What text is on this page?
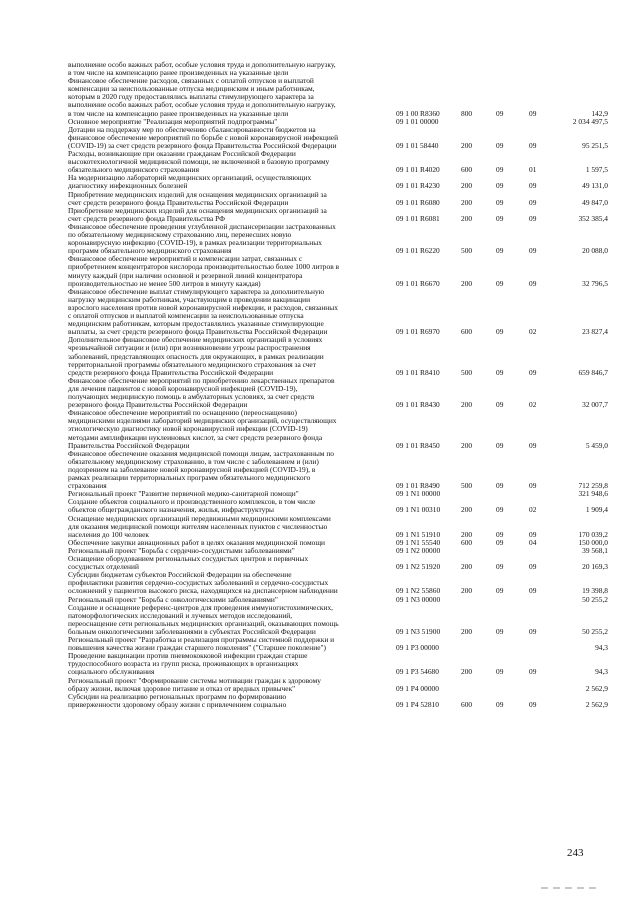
выполнение особо важных работ, особые условия труда и дополнительную нагрузку,
в том числе на компенсацию ранее произведенных на указанные цели
Финансовое обеспечение расходов, связанных с оплатой отпусков и выплатой
компенсации за неиспользованные отпуска медицинским и иным работникам,
которым в 2020 году предоставлялись выплаты стимулирующего характера за
выполнение особо важных работ, особые условия труда и дополнительную нагрузку,
в том числе на компенсацию ранее произведенных на указанные цели	09 1 00 R8360	800	09	09	142,9
Основное мероприятие "Реализация мероприятий подпрограммы"	09 1 01 00000	2 034 497,5
Дотации на поддержку мер по обеспечению сбалансированности бюджетов на
финансовое обеспечение мероприятий по борьбе с новой коронавирусной инфекцией
(COVID-19) за счет средств резервного фонда Правительства Российской Федерации	09 1 01 58440	200	09	09	95 251,5
Расходы, возникающие при оказании гражданам Российской Федерации
высокотехнологичной медицинской помощи, не включенной в базовую программу
обязательного медицинского страхования	09 1 01 R4020	600	09	01	1 597,5
На модернизацию лабораторий медицинских организаций, осуществляющих
диагностику инфекционных болезней	09 1 01 R4230	200	09	09	49 131,0
Приобретение медицинских изделий для оснащения медицинских организаций за
счет средств резервного фонда Правительства Российской Федерации	09 1 01 R6080	200	09	09	49 847,0
Приобретение медицинских изделий для оснащения медицинских организаций за
счет средств резервного фонда Правительства РФ	09 1 01 R6081	200	09	09	352 385,4
Финансовое обеспечение проведения углубленной диспансеризации застрахованных
по обязательному медицинскому страхованию лиц, перенесших новую
коронавирусную инфекцию (COVID-19), в рамках реализации территориальных
программ обязательного медицинского страхования	09 1 01 R6220	500	09	09	20 088,0
Финансовое обеспечение мероприятий и компенсации затрат, связанных с
приобретением концентраторов кислорода производительностью более 1000 литров в
минуту каждый (при наличии основной и резервной линий концентратора
производительностью не менее 500 литров в минуту каждая)	09 1 01 R6670	200	09	09	32 796,5
Финансовое обеспечение выплат стимулирующего характера за дополнительную
нагрузку медицинским работникам, участвующим в проведении вакцинации
взрослого населения против новой коронавирусной инфекции, и расходов, связанных
с оплатой отпусков и выплатой компенсации за неиспользованные отпуска
медицинским работникам, которым предоставлялись указанные стимулирующие
выплаты, за счет средств резервного фонда Правительства Российской Федерации	09 1 01 R6970	600	09	02	23 827,4
Дополнительное финансовое обеспечение медицинских организаций в условиях
чрезвычайной ситуации и (или) при возникновении угрозы распространения
заболеваний, представляющих опасность для окружающих, в рамках реализации
территориальной программы обязательного медицинского страхования за счет
средств резервного фонда Правительства Российской Федерации	09 1 01 R8410	500	09	09	659 846,7
Финансовое обеспечение мероприятий по приобретению лекарственных препаратов
для лечения пациентов с новой коронавирусной инфекцией (COVID-19),
получающих медицинскую помощь в амбулаторных условиях, за счет средств
резервного фонда Правительства Российской Федерации	09 1 01 R8430	200	09	02	32 007,7
Финансовое обеспечение мероприятий по оснащению (переоснащению)
медицинскими изделиями лабораторий медицинских организаций, осуществляющих
этиологическую диагностику новой коронавирусной инфекции (COVID-19)
методами амплификации нуклеиновых кислот, за счет средств резервного фонда
Правительства Российской Федерации	09 1 01 R8450	200	09	09	5 459,0
Финансовое обеспечение оказания медицинской помощи лицам, застрахованным по
обязательному медицинскому страхованию, в том числе с заболеванием и (или)
подозрением на заболевание новой коронавирусной инфекцией (COVID-19), в
рамках реализации территориальных программ обязательного медицинского
страхования	09 1 01 R8490	500	09	09	712 259,8
Региональный проект "Развитие первичной медико-санитарной помощи"	09 1 N1 00000	321 948,6
Создание объектов социального и производственного комплексов, в том числе
объектов общегражданского назначения, жилья, инфраструктуры	09 1 N1 00310	200	09	02	1 909,4
Оснащение медицинских организаций передвижными медицинскими комплексами
для оказания медицинской помощи жителям населенных пунктов с численностью
населения до 100 человек	09 1 N1 51910	200	09	09	170 039,2
Обеспечение закупки авиационных работ в целях оказания медицинской помощи	09 1 N1 55540	600	09	04	150 000,0
Региональный проект "Борьба с сердечно-сосудистыми заболеваниями"	09 1 N2 00000	39 568,1
Оснащение оборудованием региональных сосудистых центров и первичных
сосудистых отделений	09 1 N2 51920	200	09	09	20 169,3
Субсидии бюджетам субъектов Российской Федерации на обеспечение
профилактики развития сердечно-сосудистых заболеваний и сердечно-сосудистых
осложнений у пациентов высокого риска, находящихся на диспансерном наблюдении	09 1 N2 55860	200	09	09	19 398,8
Региональный проект "Борьба с онкологическими заболеваниями"	09 1 N3 00000	50 255,2
Создание и оснащение референс-центров для проведения иммуногистохимических,
патоморфологических исследований и лучевых методов исследований,
переоснащение сети региональных медицинских организаций, оказывающих помощь
больным онкологическими заболеваниями в субъектах Российской Федерации	09 1 N3 51900	200	09	09	50 255,2
Региональный проект "Разработка и реализация программы системной поддержки и
повышения качества жизни граждан старшего поколения" ("Старшее поколение")	09 1 P3 00000	94,3
Проведение вакцинации против пневмококковой инфекции граждан старше
трудоспособного возраста из групп риска, проживающих в организациях
социального обслуживания	09 1 P3 54680	200	09	09	94,3
Региональный проект "Формирование системы мотивации граждан к здоровому
образу жизни, включая здоровое питание и отказ от вредных привычек"	09 1 P4 00000	2 562,9
Субсидии на реализацию региональных программ по формированию
приверженности здоровому образу жизни с привлечением социально	09 1 P4 52810	600	09	09	2 562,9
243
